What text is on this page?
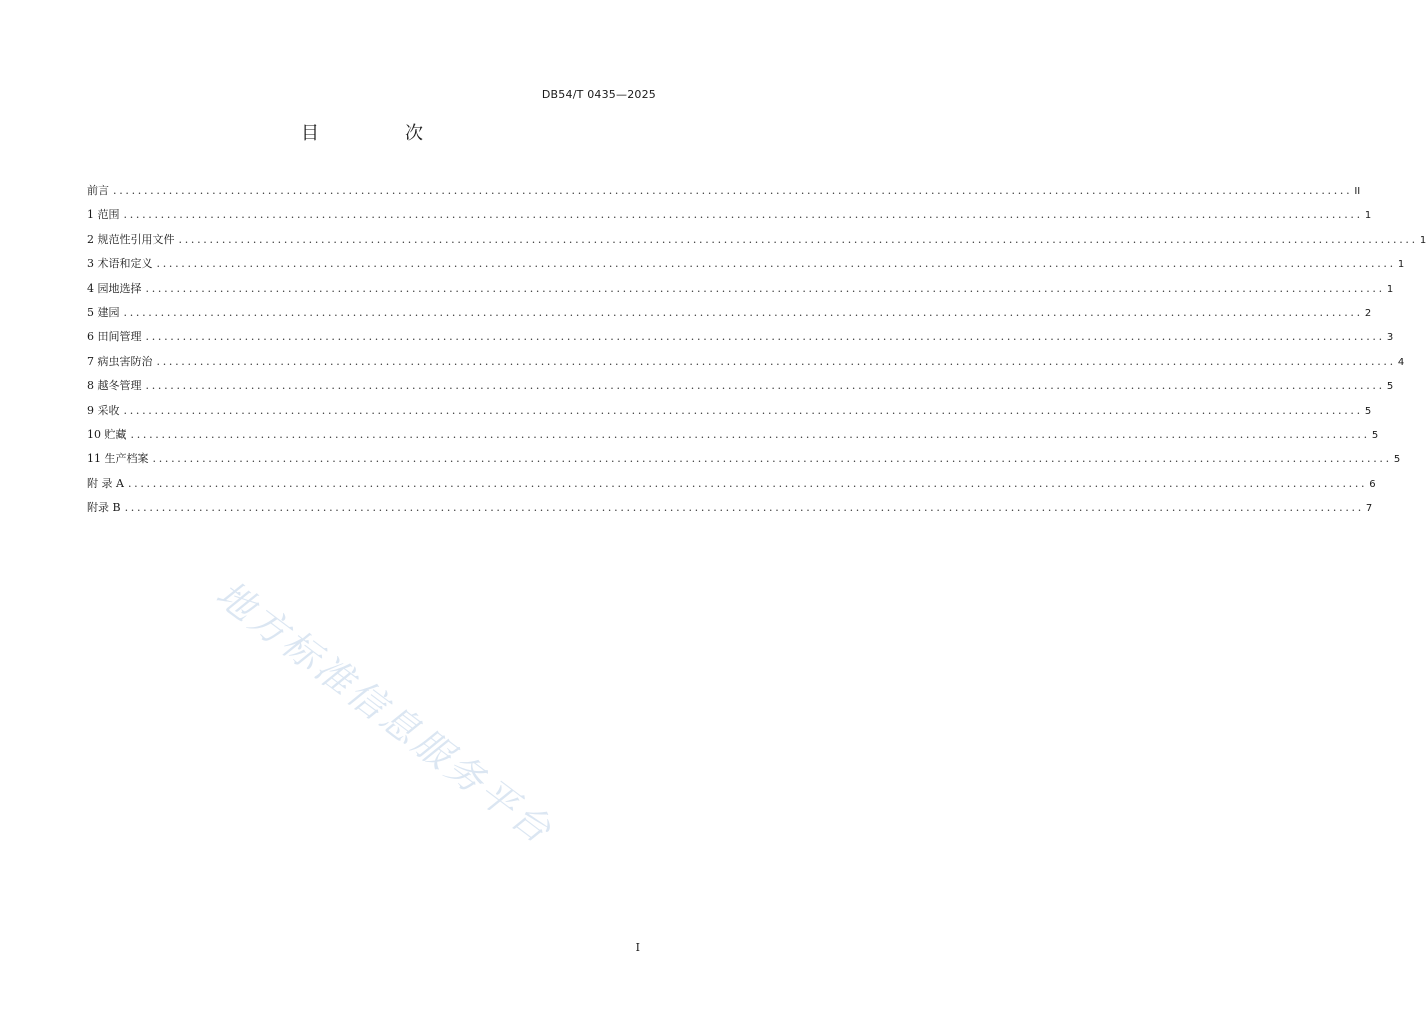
DB54/T 0435—2025
目　次
前言 ........................................................................................................................................................................................................ II
1 范围 ........................................................................................................................................................................................................ 1
2 规范性引用文件 ........................................................................................................................................................................................................ 1
3 术语和定义 ........................................................................................................................................................................................................ 1
4 园地选择 ........................................................................................................................................................................................................ 1
5 建园 ........................................................................................................................................................................................................ 2
6 田间管理 ........................................................................................................................................................................................................ 3
7 病虫害防治 ........................................................................................................................................................................................................ 4
8 越冬管理 ........................................................................................................................................................................................................ 5
9 采收 ........................................................................................................................................................................................................ 5
10 贮藏 ........................................................................................................................................................................................................ 5
11 生产档案 ........................................................................................................................................................................................................ 5
附 录 A ........................................................................................................................................................................................................ 6
附录 B ........................................................................................................................................................................................................ 7
地方标准信息服务平台
I
